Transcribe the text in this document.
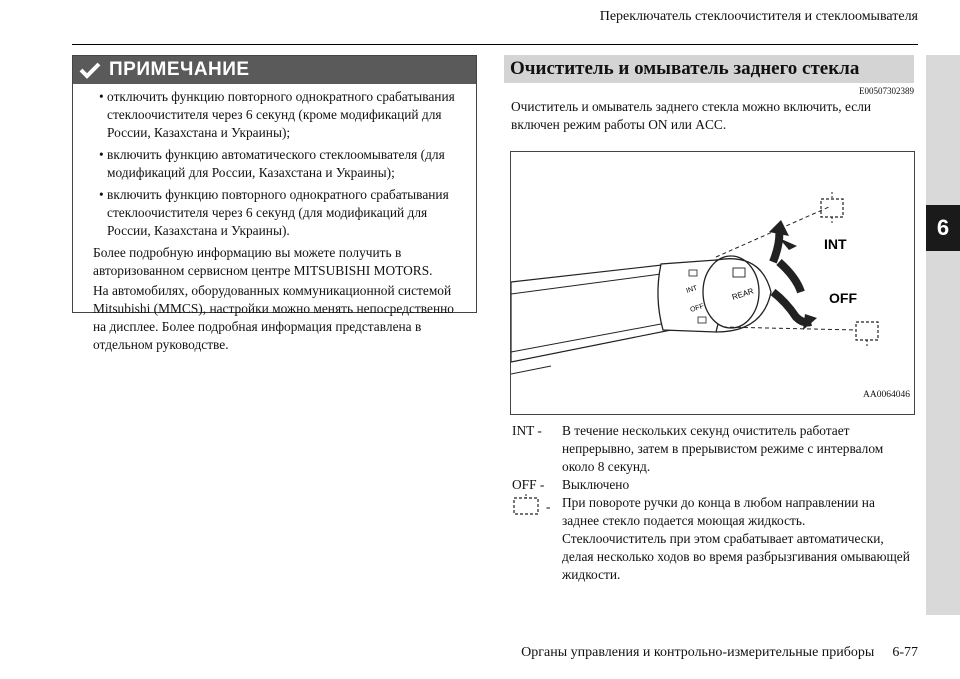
Переключатель стеклоочистителя и стеклоомывателя
6
ПРИМЕЧАНИЕ
• отключить функцию повторного однократного срабатывания стеклоочистителя через 6 секунд (кроме модификаций для России, Казахстана и Украины);
• включить функцию автоматического стеклоомывателя (для модификаций для России, Казахстана и Украины);
• включить функцию повторного однократного срабатывания стеклоочистителя через 6 секунд (для модификаций для России, Казахстана и Украины).
Более подробную информацию вы можете получить в авторизованном сервисном центре MITSUBISHI MOTORS.
На автомобилях, оборудованных коммуникационной системой Mitsubishi (MMCS), настройки можно менять непосредственно на дисплее. Более подробная информация представлена в отдельном руководстве.
Очиститель и омыватель заднего стекла
E00507302389
Очиститель и омыватель заднего стекла можно включить, если включен режим работы ON или ACC.
INT
OFF
REAR
INT
OFF
AA0064046
INT -	В течение нескольких секунд очиститель работает непрерывно, затем в прерывистом режиме с интервалом около 8 секунд.
OFF -	Выключено
- При повороте ручки до конца в любом направлении на заднее стекло подается моющая жидкость. Стеклоочиститель при этом срабатывает автоматически, делая несколько ходов во время разбрызгивания омывающей жидкости.
Органы управления и контрольно-измерительные приборы 6-77
